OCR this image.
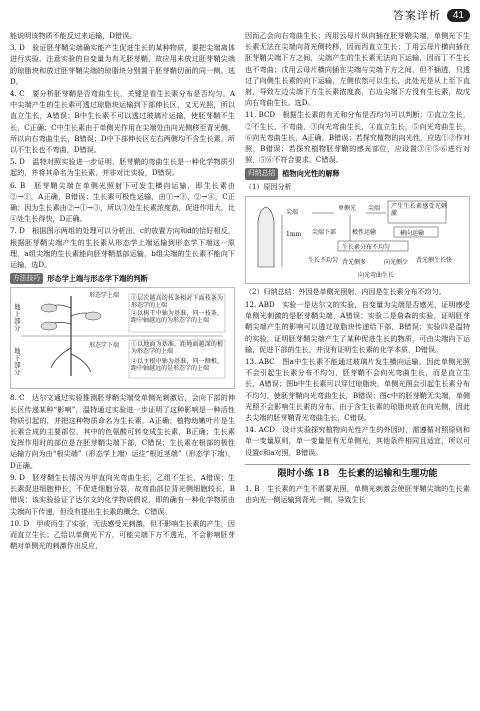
答案详析	41

能说明该物质不能反过来运输，D错误。

3. D　验证胚芽鞘尖端确实能产生促进生长的某种物质，要把尖端离体进行实验，注意实验的自变量为有无胚芽鞘，故应用未放过胚芽鞘尖端的琼脂块和放过胚芽鞘尖端的琼脂块分别置于胚芽鞘切面的同一侧。选D。

4. C　要分析胚芽鞘是否弯曲生长，关键是看生长素分布是否均匀。A中尖端产生的生长素可透过琼脂块运输到下部伸长区，又无光照，所以直立生长，A错误；B中生长素不可以透过玻璃片运输，使胚芽鞘不生长，C正确；C中生长素由于单侧光作用在尖端处由向光侧移至背光侧，所以向右弯曲生长，B错误；D中下部伸长区左右两侧均不含生长素，所以不生长也不弯曲，D错误。

5. D　温特对照实验进一步证明，胚芽鞘的弯曲生长是一种化学物质引起的，并将其命名为生长素，并非对比实验，D错误。

6. B　胚芽鞘尖端在单侧光照射下可发生横向运输，即生长素由②→①，A正确，B错误；生长素可极性运输，由①→③、②→④，C正确；因为生长素由②→①→③，所以③处生长素浓度高，促进作用大，比④处生长得快，D正确。

7. D　根据图示两组的处理可以分析出，c的放置方向和d的恰好相反，根据胚芽鞘尖端产生的生长素从形态学上端运输到形态学下端这一原理，a组尖端的生长素能向胚芽鞘基部运输，b组尖端的生长素不能向下运输，选D。

方法技巧 形态学上端与形态学下端的判断
地上部分
地下部分
形态学上端
形态学下端
①层次越高的枝条相对下面枝条为形态学的上端
②以树干中轴为基准，同一枝条，距中轴越远的为形态学的上端
①以地面为基准，距地面越深的根为形态学的上端
②以主根中轴为基准，同一侧根，距中轴越远的是形态学的上端

8. C　达尔文通过实验推测胚芽鞘尖端受单侧光刺激后，会向下部的伸长区传递某种“影响”，温特通过实验进一步证明了这种影响是一种活性物质引起的，并把这种物质命名为生长素，A正确；植物幼嫩叶片是生长素合成的主要部位，其中的色氨酸可转变成生长素，B正确；生长素发挥作用时的部位是在胚芽鞘尖端下部，C错误；生长素在根部的极性运输方向为由“根尖端”（形态学上端）运往“根近茎端”（形态学下端），D正确。

9. D　胚芽鞘生长情况为甲直向光弯曲生长，乙组不生长，A错误；生长素促进细胞伸长，不促进细胞分裂，故弯曲部位背光侧细胞较长，B错误；该实验验证了达尔文的化学物质假说，即的确有一种化学物质由尖端向下传递，但没有提出生长素的概念，C错误。

10. D　甲或丙生了实验，无法感受光刺激，但不影响生长素的产生，因而直立生长；乙给以单侧光下方，可能尖端下方不透光，不会影响胚芽鞘对单侧光的刺激作出反应，

因而乙会向右弯曲生长；丙用云母片纵向插在胚芽鞘尖端，单侧光下生长素无法在尖端向背光侧转移，因而丙直立生长；丁用云母片横向插在胚芽鞘尖端下方之间，尖端产生的生长素无法向下运输，因而丁不生长也不弯曲；戊用云母片横向插在尖端与尖端下方之间，但不插透，只透过了向侧生长素的向下运输，左侧依然可以生长，此处光是从上至下直射，导致左边尖端下方生长素浓度高，右边尖端下方没有生长素，故戊向右弯曲生长。选D。

11. BCD　根据生长素的有无和分布是否均匀可以判断：①直立生长，②不生长，不弯曲，③向光弯曲生长，④直立生长，⑤向光弯曲生长，⑥向光弯曲生长，A正确，B错误；若探究植物的向光性，应选①③作对照，B错误；若探究植物胚芽鞘的感光部位，应设置③④⑤⑥进行对照，⑤⑥不符合要求，C错误。

归纳总结 植物向光性的解释
（1）原因分析
尖端
1mm
单侧光 尖端 产生生长素感受光刺激
横向运输
极性运输
尖端下部
生长素分布不均匀
背光侧多	向光侧少
生长不均匀	背光侧生长快
向光弯曲生长
（2）归纳总结：外因是单侧光照射，内因是生长素分布不均匀。

12. ABD　实验一是达尔文的实验，自变量为尖端是否感光，证明感受单侧光刺激的是胚芽鞘尖端，A错误；实验二是詹森的实验，证明胚芽鞘尖端产生的影响可以透过琼脂块传递给下部，B错误；实验四是温特的实验，证明胚芽鞘尖端产生了某种促进生长的物质，可由尖端向下运输，促进下部的生长，并没有证明生长素的化学本质，D错误。

13. ABC　图a中生长素不能通过玻璃片发生横向运输，因此单侧光照不会引起生长素分布不均匀，胚芽鞘不会向光弯曲生长，而是直立生长，A错误；图b中生长素可以穿过琼脂块，单侧光照会引起生长素分布不均匀，使胚芽鞘向光弯曲生长，B错误；图c中的胚芽鞘无尖端，单侧光照不会影响生长素的分布，由于含生长素的琼脂块放在向光侧，因此去尖端的胚芽鞘背光弯曲生长，C错误。

14. ACD　设计实验探究植物向光性产生的外因时，需遵循对照原则和单一变量原则，单一变量是有无单侧光，其他条件相同且适宜，所以可设置c和a对照，B错误。

限时小练 18　生长素的运输和生理功能

1. B　生长素的产生不需要光照，单侧光刺激会使胚芽鞘尖端的生长素由向光一侧运输到背光一侧，导致生长
